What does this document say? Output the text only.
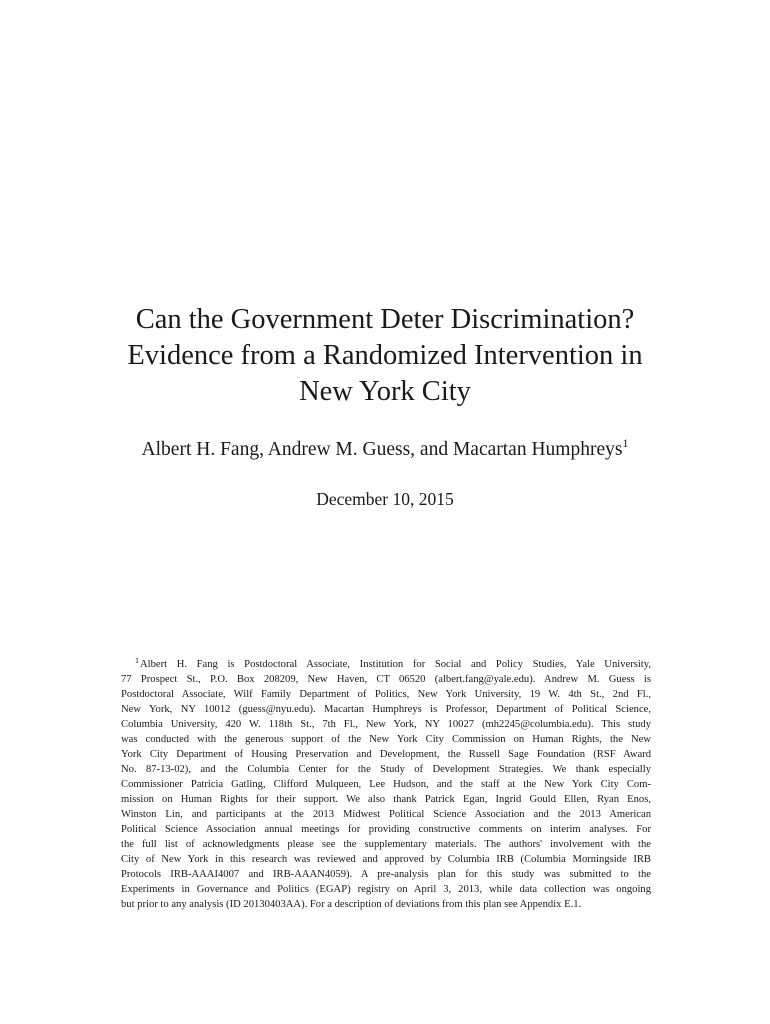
Can the Government Deter Discrimination?
Evidence from a Randomized Intervention in
New York City
Albert H. Fang, Andrew M. Guess, and Macartan Humphreys$^1$
December 10, 2015
$^1$Albert H. Fang is Postdoctoral Associate, Institution for Social and Policy Studies, Yale University,
77 Prospect St., P.O. Box 208209, New Haven, CT 06520 (albert.fang@yale.edu). Andrew M. Guess is
Postdoctoral Associate, Wilf Family Department of Politics, New York University, 19 W. 4th St., 2nd Fl.,
New York, NY 10012 (guess@nyu.edu). Macartan Humphreys is Professor, Department of Political Science,
Columbia University, 420 W. 118th St., 7th Fl., New York, NY 10027 (mh2245@columbia.edu). This study
was conducted with the generous support of the New York City Commission on Human Rights, the New
York City Department of Housing Preservation and Development, the Russell Sage Foundation (RSF Award
No. 87-13-02), and the Columbia Center for the Study of Development Strategies. We thank especially
Commissioner Patricia Gatling, Clifford Mulqueen, Lee Hudson, and the staff at the New York City Com-
mission on Human Rights for their support. We also thank Patrick Egan, Ingrid Gould Ellen, Ryan Enos,
Winston Lin, and participants at the 2013 Midwest Political Science Association and the 2013 American
Political Science Association annual meetings for providing constructive comments on interim analyses. For
the full list of acknowledgments please see the supplementary materials. The authors' involvement with the
City of New York in this research was reviewed and approved by Columbia IRB (Columbia Morningside IRB
Protocols IRB-AAAI4007 and IRB-AAAN4059). A pre-analysis plan for this study was submitted to the
Experiments in Governance and Politics (EGAP) registry on April 3, 2013, while data collection was ongoing
but prior to any analysis (ID 20130403AA). For a description of deviations from this plan see Appendix E.1.
